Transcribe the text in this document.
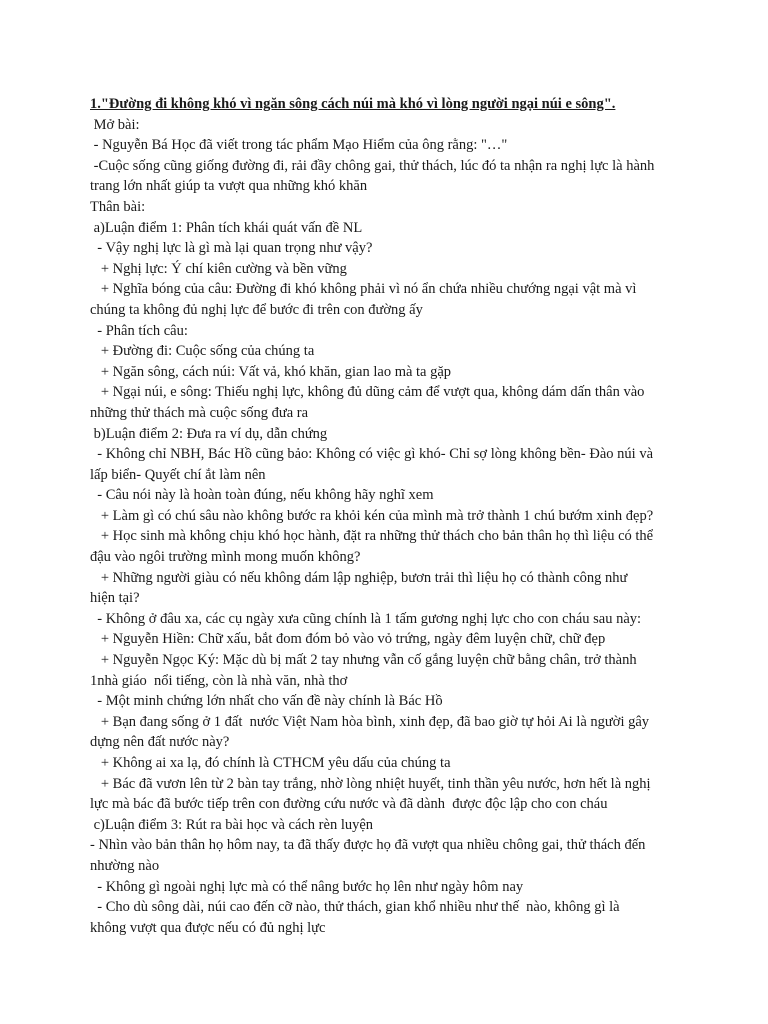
1."Đường đi không khó vì ngăn sông cách núi mà khó vì lòng người ngại núi e sông".
Mở bài:
- Nguyễn Bá Học đã viết trong tác phẩm Mạo Hiểm của ông rằng: "…"
-Cuộc sống cũng giống đường đi, rải đầy chông gai, thử thách, lúc đó ta nhận ra nghị lực là hành
trang lớn nhất giúp ta vượt qua những khó khăn
Thân bài:
a)Luận điểm 1: Phân tích khái quát vấn đề NL
- Vậy nghị lực là gì mà lại quan trọng như vậy?
+ Nghị lực: Ý chí kiên cường và bền vững
+ Nghĩa bóng của câu: Đường đi khó không phải vì nó ẩn chứa nhiều chướng ngại vật mà vì
chúng ta không đủ nghị lực để bước đi trên con đường ấy
- Phân tích câu:
+ Đường đi: Cuộc sống của chúng ta
+ Ngăn sông, cách núi: Vất vả, khó khăn, gian lao mà ta gặp
+ Ngại núi, e sông: Thiếu nghị lực, không đủ dũng cảm để vượt qua, không dám dấn thân vào
những thử thách mà cuộc sống đưa ra
b)Luận điểm 2: Đưa ra ví dụ, dẫn chứng
- Không chỉ NBH, Bác Hồ cũng bảo: Không có việc gì khó- Chỉ sợ lòng không bền- Đào núi và
lấp biển- Quyết chí ắt làm nên
- Câu nói này là hoàn toàn đúng, nếu không hãy nghĩ xem
+ Làm gì có chú sâu nào không bước ra khỏi kén của mình mà trở thành 1 chú bướm xinh đẹp?
+ Học sinh mà không chịu khó học hành, đặt ra những thử thách cho bản thân họ thì liệu có thể
đậu vào ngôi trường mình mong muốn không?
+ Những người giàu có nếu không dám lập nghiệp, bươn trải thì liệu họ có thành công như
hiện tại?
- Không ở đâu xa, các cụ ngày xưa cũng chính là 1 tấm gương nghị lực cho con cháu sau này:
+ Nguyễn Hiền: Chữ xấu, bắt đom đóm bỏ vào vỏ trứng, ngày đêm luyện chữ, chữ đẹp
+ Nguyễn Ngọc Ký: Mặc dù bị mất 2 tay nhưng vẫn cố gắng luyện chữ bằng chân, trở thành
1nhà giáo  nổi tiếng, còn là nhà văn, nhà thơ
- Một minh chứng lớn nhất cho vấn đề này chính là Bác Hồ
+ Bạn đang sống ở 1 đất  nước Việt Nam hòa bình, xinh đẹp, đã bao giờ tự hỏi Ai là người gây
dựng nên đất nước này?
+ Không ai xa lạ, đó chính là CTHCM yêu dấu của chúng ta
+ Bác đã vươn lên từ 2 bàn tay trắng, nhờ lòng nhiệt huyết, tinh thần yêu nước, hơn hết là nghị
lực mà bác đã bước tiếp trên con đường cứu nước và đã dành  được độc lập cho con cháu
c)Luận điểm 3: Rút ra bài học và cách rèn luyện
- Nhìn vào bản thân họ hôm nay, ta đã thấy được họ đã vượt qua nhiều chông gai, thử thách đến
nhường nào
- Không gì ngoài nghị lực mà có thể nâng bước họ lên như ngày hôm nay
- Cho dù sông dài, núi cao đến cỡ nào, thử thách, gian khổ nhiều như thế  nào, không gì là
không vượt qua được nếu có đủ nghị lực
